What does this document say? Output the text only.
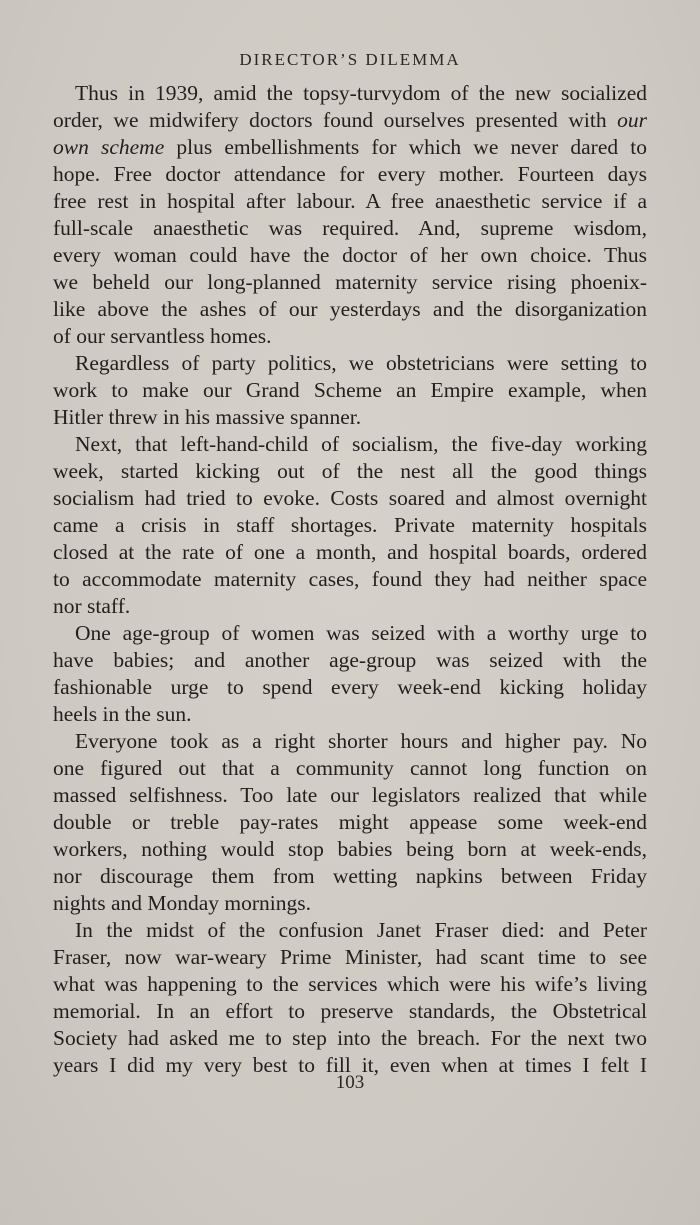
DIRECTOR’S DILEMMA
Thus in 1939, amid the topsy-turvydom of the new socialized
order, we midwifery doctors found ourselves presented with our
own scheme plus embellishments for which we never dared to
hope. Free doctor attendance for every mother. Fourteen days
free rest in hospital after labour. A free anaesthetic service if a
full-scale anaesthetic was required. And, supreme wisdom,
every woman could have the doctor of her own choice. Thus
we beheld our long-planned maternity service rising phoenix-
like above the ashes of our yesterdays and the disorganization
of our servantless homes.
Regardless of party politics, we obstetricians were setting to
work to make our Grand Scheme an Empire example, when
Hitler threw in his massive spanner.
Next, that left-hand-child of socialism, the five-day working
week, started kicking out of the nest all the good things
socialism had tried to evoke. Costs soared and almost overnight
came a crisis in staff shortages. Private maternity hospitals
closed at the rate of one a month, and hospital boards, ordered
to accommodate maternity cases, found they had neither space
nor staff.
One age-group of women was seized with a worthy urge to
have babies; and another age-group was seized with the
fashionable urge to spend every week-end kicking holiday
heels in the sun.
Everyone took as a right shorter hours and higher pay. No
one figured out that a community cannot long function on
massed selfishness. Too late our legislators realized that while
double or treble pay-rates might appease some week-end
workers, nothing would stop babies being born at week-ends,
nor discourage them from wetting napkins between Friday
nights and Monday mornings.
In the midst of the confusion Janet Fraser died: and Peter
Fraser, now war-weary Prime Minister, had scant time to see
what was happening to the services which were his wife’s living
memorial. In an effort to preserve standards, the Obstetrical
Society had asked me to step into the breach. For the next two
years I did my very best to fill it, even when at times I felt I
103
